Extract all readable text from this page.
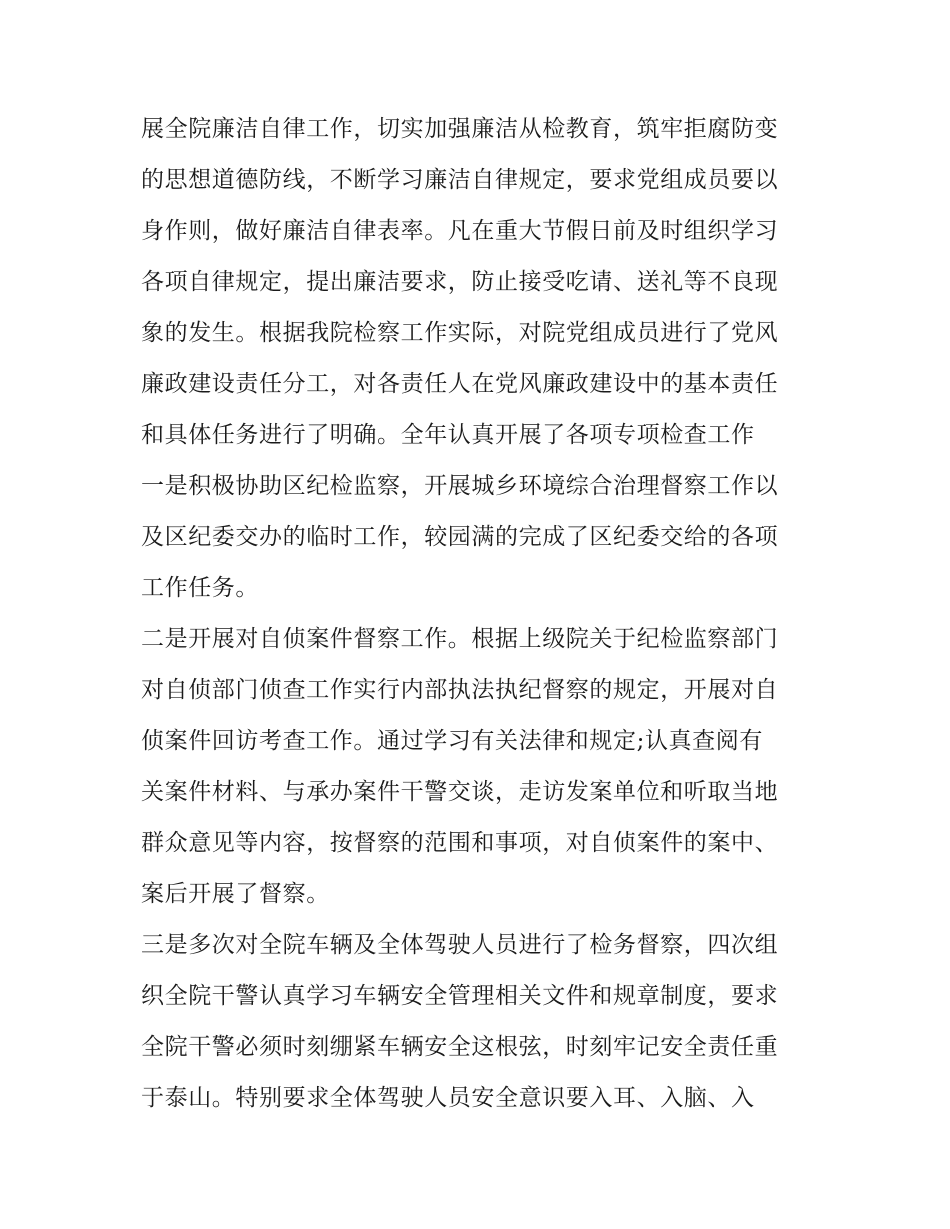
展全院廉洁自律工作，切实加强廉洁从检教育，筑牢拒腐防变
的思想道德防线，不断学习廉洁自律规定，要求党组成员要以
身作则，做好廉洁自律表率。凡在重大节假日前及时组织学习
各项自律规定，提出廉洁要求，防止接受吃请、送礼等不良现
象的发生。根据我院检察工作实际，对院党组成员进行了党风
廉政建设责任分工，对各责任人在党风廉政建设中的基本责任
和具体任务进行了明确。全年认真开展了各项专项检查工作
一是积极协助区纪检监察，开展城乡环境综合治理督察工作以
及区纪委交办的临时工作，较园满的完成了区纪委交给的各项
工作任务。
二是开展对自侦案件督察工作。根据上级院关于纪检监察部门
对自侦部门侦查工作实行内部执法执纪督察的规定，开展对自
侦案件回访考查工作。通过学习有关法律和规定;认真查阅有
关案件材料、与承办案件干警交谈，走访发案单位和听取当地
群众意见等内容，按督察的范围和事项，对自侦案件的案中、
案后开展了督察。
三是多次对全院车辆及全体驾驶人员进行了检务督察，四次组
织全院干警认真学习车辆安全管理相关文件和规章制度，要求
全院干警必须时刻绷紧车辆安全这根弦，时刻牢记安全责任重
于泰山。特别要求全体驾驶人员安全意识要入耳、入脑、入
